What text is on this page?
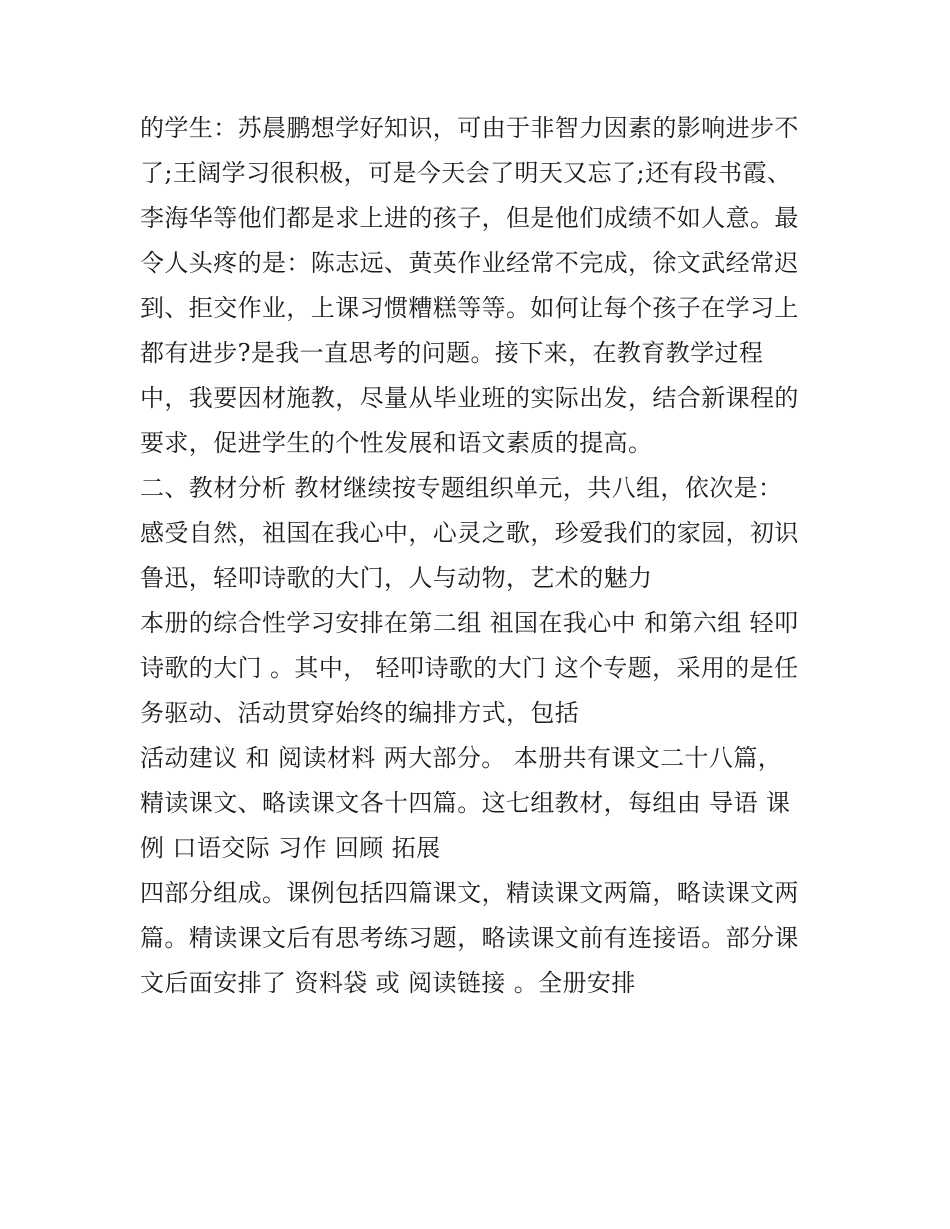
的学生：苏晨鹏想学好知识，可由于非智力因素的影响进步不
了;王阔学习很积极，可是今天会了明天又忘了;还有段书霞、
李海华等他们都是求上进的孩子，但是他们成绩不如人意。最
令人头疼的是：陈志远、黄英作业经常不完成，徐文武经常迟
到、拒交作业，上课习惯糟糕等等。如何让每个孩子在学习上
都有进步?是我一直思考的问题。接下来，在教育教学过程
中，我要因材施教，尽量从毕业班的实际出发，结合新课程的
要求，促进学生的个性发展和语文素质的提高。
二、教材分析 教材继续按专题组织单元，共八组，依次是：
感受自然，祖国在我心中，心灵之歌，珍爱我们的家园，初识
鲁迅，轻叩诗歌的大门，人与动物，艺术的魅力
本册的综合性学习安排在第二组 祖国在我心中 和第六组 轻叩
诗歌的大门 。其中， 轻叩诗歌的大门 这个专题，采用的是任
务驱动、活动贯穿始终的编排方式，包括
活动建议 和 阅读材料 两大部分。 本册共有课文二十八篇，
精读课文、略读课文各十四篇。这七组教材，每组由 导语 课
例 口语交际 习作 回顾 拓展
四部分组成。课例包括四篇课文，精读课文两篇，略读课文两
篇。精读课文后有思考练习题，略读课文前有连接语。部分课
文后面安排了 资料袋 或 阅读链接 。全册安排
